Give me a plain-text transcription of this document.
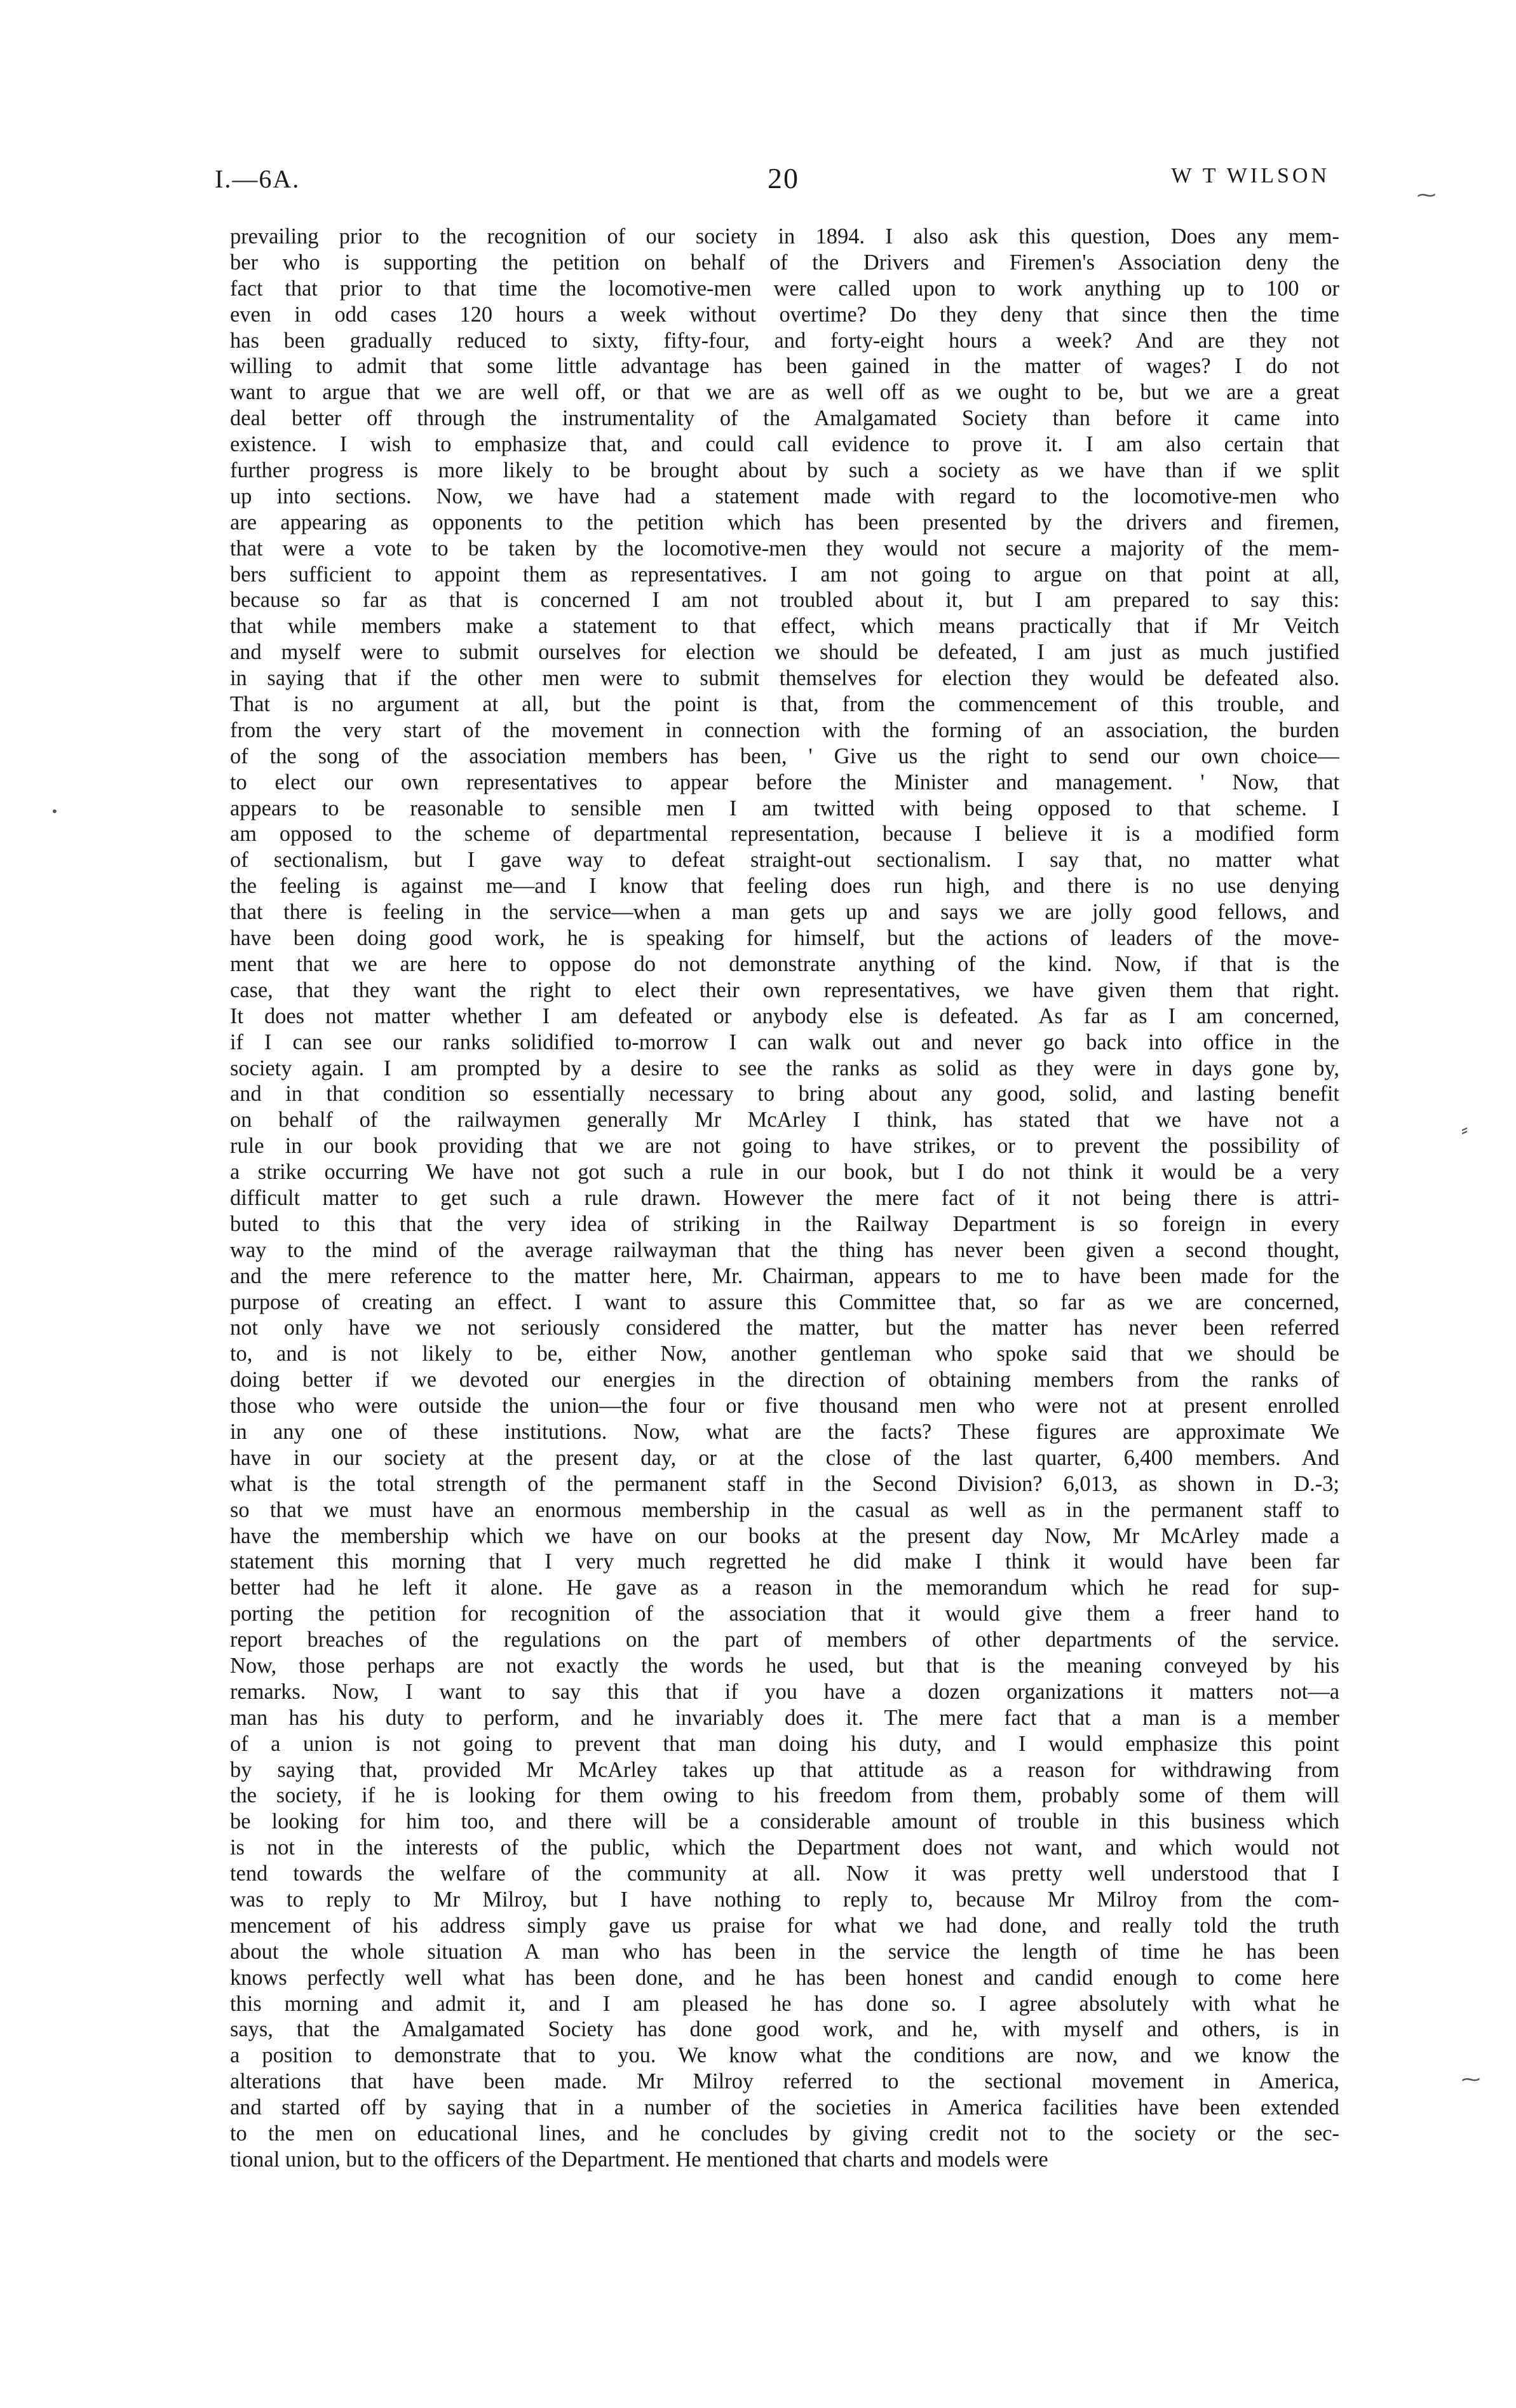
I.—6A.	20	W T WILSON
prevailing prior to the recognition of our society in 1894. I also ask this question, Does any mem-
ber who is supporting the petition on behalf of the Drivers and Firemen's Association deny the
fact that prior to that time the locomotive-men were called upon to work anything up to 100 or
even in odd cases 120 hours a week without overtime? Do they deny that since then the time
has been gradually reduced to sixty, fifty-four, and forty-eight hours a week? And are they not
willing to admit that some little advantage has been gained in the matter of wages? I do not
want to argue that we are well off, or that we are as well off as we ought to be, but we are a great
deal better off through the instrumentality of the Amalgamated Society than before it came into
existence. I wish to emphasize that, and could call evidence to prove it. I am also certain that
further progress is more likely to be brought about by such a society as we have than if we split
up into sections. Now, we have had a statement made with regard to the locomotive-men who
are appearing as opponents to the petition which has been presented by the drivers and firemen,
that were a vote to be taken by the locomotive-men they would not secure a majority of the mem-
bers sufficient to appoint them as representatives. I am not going to argue on that point at all,
because so far as that is concerned I am not troubled about it, but I am prepared to say this:
that while members make a statement to that effect, which means practically that if Mr Veitch
and myself were to submit ourselves for election we should be defeated, I am just as much justified
in saying that if the other men were to submit themselves for election they would be defeated also.
That is no argument at all, but the point is that, from the commencement of this trouble, and
from the very start of the movement in connection with the forming of an association, the burden
of the song of the association members has been, ' Give us the right to send our own choice—
to elect our own representatives to appear before the Minister and management. ' Now, that
appears to be reasonable to sensible men I am twitted with being opposed to that scheme. I
am opposed to the scheme of departmental representation, because I believe it is a modified form
of sectionalism, but I gave way to defeat straight-out sectionalism. I say that, no matter what
the feeling is against me—and I know that feeling does run high, and there is no use denying
that there is feeling in the service—when a man gets up and says we are jolly good fellows, and
have been doing good work, he is speaking for himself, but the actions of leaders of the move-
ment that we are here to oppose do not demonstrate anything of the kind. Now, if that is the
case, that they want the right to elect their own representatives, we have given them that right.
It does not matter whether I am defeated or anybody else is defeated. As far as I am concerned,
if I can see our ranks solidified to-morrow I can walk out and never go back into office in the
society again. I am prompted by a desire to see the ranks as solid as they were in days gone by,
and in that condition so essentially necessary to bring about any good, solid, and lasting benefit
on behalf of the railwaymen generally Mr McArley I think, has stated that we have not a
rule in our book providing that we are not going to have strikes, or to prevent the possibility of
a strike occurring We have not got such a rule in our book, but I do not think it would be a very
difficult matter to get such a rule drawn. However the mere fact of it not being there is attri-
buted to this that the very idea of striking in the Railway Department is so foreign in every
way to the mind of the average railwayman that the thing has never been given a second thought,
and the mere reference to the matter here, Mr. Chairman, appears to me to have been made for the
purpose of creating an effect. I want to assure this Committee that, so far as we are concerned,
not only have we not seriously considered the matter, but the matter has never been referred
to, and is not likely to be, either Now, another gentleman who spoke said that we should be
doing better if we devoted our energies in the direction of obtaining members from the ranks of
those who were outside the union—the four or five thousand men who were not at present enrolled
in any one of these institutions. Now, what are the facts? These figures are approximate We
have in our society at the present day, or at the close of the last quarter, 6,400 members. And
what is the total strength of the permanent staff in the Second Division? 6,013, as shown in D.-3;
so that we must have an enormous membership in the casual as well as in the permanent staff to
have the membership which we have on our books at the present day Now, Mr McArley made a
statement this morning that I very much regretted he did make I think it would have been far
better had he left it alone. He gave as a reason in the memorandum which he read for sup-
porting the petition for recognition of the association that it would give them a freer hand to
report breaches of the regulations on the part of members of other departments of the service.
Now, those perhaps are not exactly the words he used, but that is the meaning conveyed by his
remarks. Now, I want to say this that if you have a dozen organizations it matters not—a
man has his duty to perform, and he invariably does it. The mere fact that a man is a member
of a union is not going to prevent that man doing his duty, and I would emphasize this point
by saying that, provided Mr McArley takes up that attitude as a reason for withdrawing from
the society, if he is looking for them owing to his freedom from them, probably some of them will
be looking for him too, and there will be a considerable amount of trouble in this business which
is not in the interests of the public, which the Department does not want, and which would not
tend towards the welfare of the community at all. Now it was pretty well understood that I
was to reply to Mr Milroy, but I have nothing to reply to, because Mr Milroy from the com-
mencement of his address simply gave us praise for what we had done, and really told the truth
about the whole situation A man who has been in the service the length of time he has been
knows perfectly well what has been done, and he has been honest and candid enough to come here
this morning and admit it, and I am pleased he has done so. I agree absolutely with what he
says, that the Amalgamated Society has done good work, and he, with myself and others, is in
a position to demonstrate that to you. We know what the conditions are now, and we know the
alterations that have been made. Mr Milroy referred to the sectional movement in America,
and started off by saying that in a number of the societies in America facilities have been extended
to the men on educational lines, and he concludes by giving credit not to the society or the sec-
tional union, but to the officers of the Department. He mentioned that charts and models were
⁓
•
⸗
⁓
